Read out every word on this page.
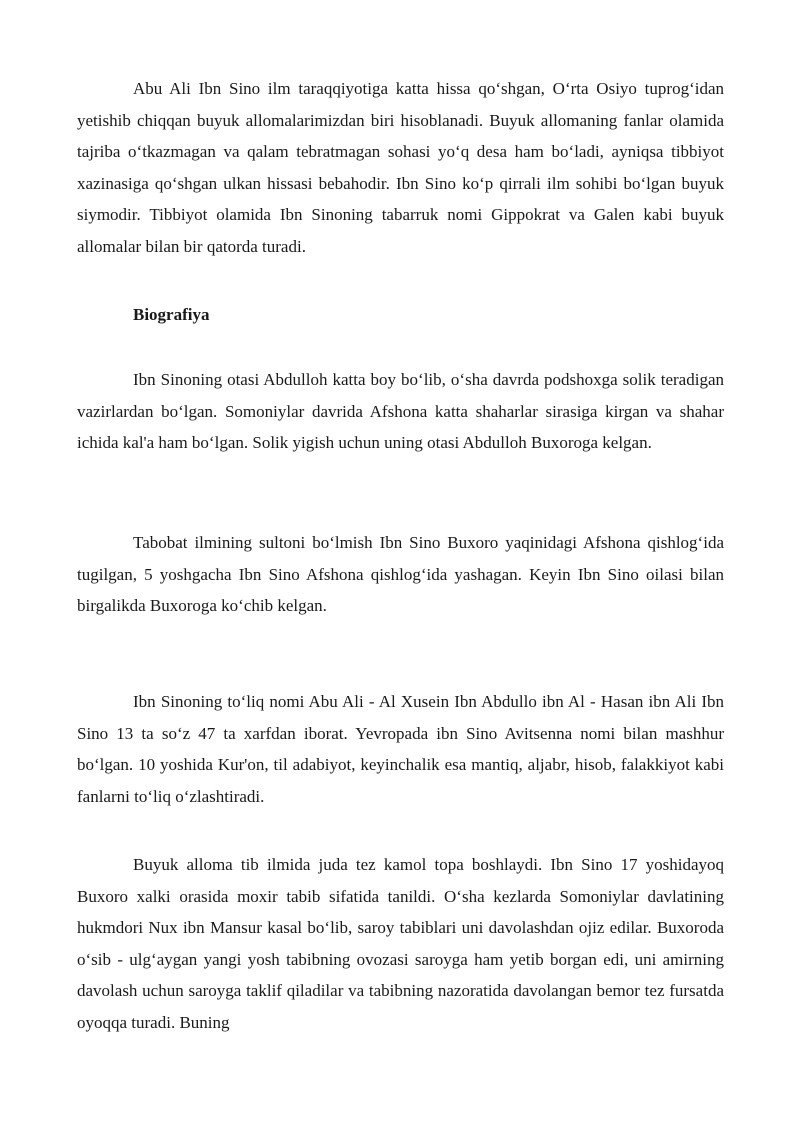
Abu Ali Ibn Sino ilm taraqqiyotiga katta hissa qo‘shgan, O‘rta Osiyo tuprog‘idan yetishib chiqqan buyuk allomalarimizdan biri hisoblanadi. Buyuk allomaning fanlar olamida tajriba o‘tkazmagan va qalam tebratmagan sohasi yo‘q desa ham bo‘ladi, ayniqsa tibbiyot xazinasiga qo‘shgan ulkan hissasi bebahodir. Ibn Sino ko‘p qirrali ilm sohibi bo‘lgan buyuk siymodir. Tibbiyot olamida Ibn Sinoning tabarruk nomi Gippokrat va Galen kabi buyuk allomalar bilan bir qatorda turadi.

Biografiya

Ibn Sinoning otasi Abdulloh katta boy bo‘lib, o‘sha davrda podshoxga solik teradigan vazirlardan bo‘lgan. Somoniylar davrida Afshona katta shaharlar sirasiga kirgan va shahar ichida kal'a ham bo‘lgan. Solik yigish uchun uning otasi Abdulloh Buxoroga kelgan.

Tabobat ilmining sultoni bo‘lmish Ibn Sino Buxoro yaqinidagi Afshona qishlog‘ida tugilgan, 5 yoshgacha Ibn Sino Afshona qishlog‘ida yashagan. Keyin Ibn Sino oilasi bilan birgalikda Buxoroga ko‘chib kelgan.

Ibn Sinoning to‘liq nomi Abu Ali - Al Xusein Ibn Abdullo ibn Al - Hasan ibn Ali Ibn Sino 13 ta so‘z 47 ta xarfdan iborat. Yevropada ibn Sino Avitsenna nomi bilan mashhur bo‘lgan. 10 yoshida Kur'on, til adabiyot, keyinchalik esa mantiq, aljabr, hisob, falakkiyot kabi fanlarni to‘liq o‘zlashtiradi.

Buyuk alloma tib ilmida juda tez kamol topa boshlaydi. Ibn Sino 17 yoshidayoq Buxoro xalki orasida moxir tabib sifatida tanildi. O‘sha kezlarda Somoniylar davlatining hukmdori Nux ibn Mansur kasal bo‘lib, saroy tabiblari uni davolashdan ojiz edilar. Buxoroda o‘sib - ulg‘aygan yangi yosh tabibning ovozasi saroyga ham yetib borgan edi, uni amirning davolash uchun saroyga taklif qiladilar va tabibning nazoratida davolangan bemor tez fursatda oyoqqa turadi. Buning
